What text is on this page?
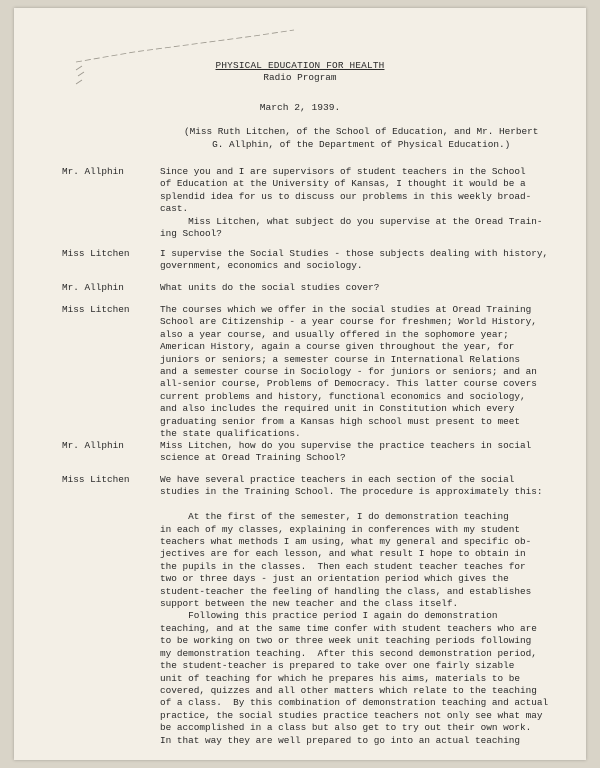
PHYSICAL EDUCATION FOR HEALTH
Radio Program
March 2, 1939.
(Miss Ruth Litchen, of the School of Education, and Mr. Herbert
G. Allphin, of the Department of Physical Education.)
Mr. Allphin	Since you and I are supervisors of student teachers in the School

of Education at the University of Kansas, I thought it would be a

splendid idea for us to discuss our problems in this weekly broad-

cast.

Miss Litchen, what subject do you supervise at the Oread Train-

ing School?

Miss Litchen	I supervise the Social Studies - those subjects dealing with history,

government, economics and sociology.

Mr. Allphin	What units do the social studies cover?

Miss Litchen	The courses which we offer in the social studies at Oread Training

School are Citizenship - a year course for freshmen; World History,

also a year course, and usually offered in the sophomore year;

American History, again a course given throughout the year, for

juniors or seniors; a semester course in International Relations

and a semester course in Sociology - for juniors or seniors; and an

all-senior course, Problems of Democracy. This latter course covers

current problems and history, functional economics and sociology,

and also includes the required unit in Constitution which every

graduating senior from a Kansas high school must present to meet

the state qualifications.

Mr. Allphin	Miss Litchen, how do you supervise the practice teachers in social

science at Oread Training School?

Miss Litchen	We have several practice teachers in each section of the social

studies in the Training School. The procedure is approximately this:

At the first of the semester, I do demonstration teaching

in each of my classes, explaining in conferences with my student

teachers what methods I am using, what my general and specific ob-

jectives are for each lesson, and what result I hope to obtain in

the pupils in the classes.  Then each student teacher teaches for

two or three days - just an orientation period which gives the

student-teacher the feeling of handling the class, and establishes

support between the new teacher and the class itself.

Following this practice period I again do demonstration

teaching, and at the same time confer with student teachers who are

to be working on two or three week unit teaching periods following

my demonstration teaching.  After this second demonstration period,

the student-teacher is prepared to take over one fairly sizable

unit of teaching for which he prepares his aims, materials to be

covered, quizzes and all other matters which relate to the teaching

of a class.  By this combination of demonstration teaching and actual

practice, the social studies practice teachers not only see what may

be accomplished in a class but also get to try out their own work.

In that way they are well prepared to go into an actual teaching
